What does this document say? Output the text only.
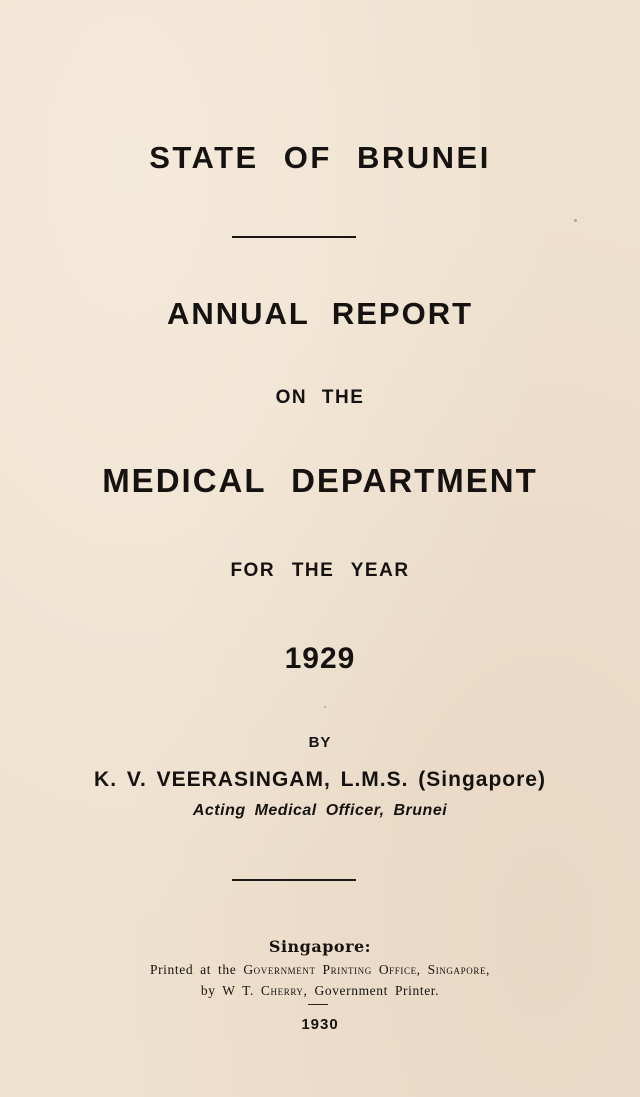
STATE OF BRUNEI
ANNUAL REPORT
ON THE
MEDICAL DEPARTMENT
FOR THE YEAR
1929
BY
K. V. VEERASINGAM, L.M.S. (Singapore)
Acting Medical Officer, Brunei
Singapore:
Printed at the Government Printing Office, Singapore,
by W T. Cherry, Government Printer.
1930
